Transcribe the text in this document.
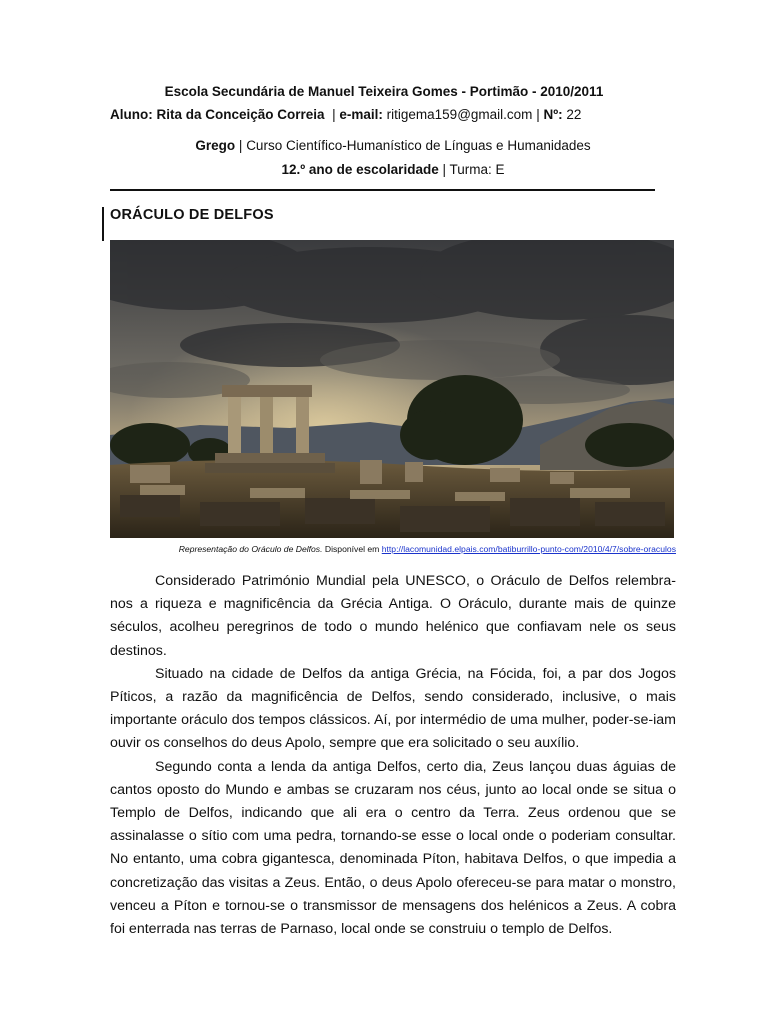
Escola Secundária de Manuel Teixeira Gomes - Portimão - 2010/2011
Aluno: Rita da Conceição Correia | e-mail: ritigema159@gmail.com | Nº: 22
Grego | Curso Científico-Humanístico de Línguas e Humanidades
12.º ano de escolaridade | Turma: E
ORÁCULO DE DELFOS
Representação do Oráculo de Delfos. Disponível em http://lacomunidad.elpais.com/batiburrillo-punto-com/2010/4/7/sobre-oraculos

Considerado Património Mundial pela UNESCO, o Oráculo de Delfos relembra-nos a riqueza e magnificência da Grécia Antiga. O Oráculo, durante mais de quinze séculos, acolheu peregrinos de todo o mundo helénico que confiavam nele os seus destinos.

Situado na cidade de Delfos da antiga Grécia, na Fócida, foi, a par dos Jogos Píticos, a razão da magnificência de Delfos, sendo considerado, inclusive, o mais importante oráculo dos tempos clássicos. Aí, por intermédio de uma mulher, poder-se-iam ouvir os conselhos do deus Apolo, sempre que era solicitado o seu auxílio.

Segundo conta a lenda da antiga Delfos, certo dia, Zeus lançou duas águias de cantos oposto do Mundo e ambas se cruzaram nos céus, junto ao local onde se situa o Templo de Delfos, indicando que ali era o centro da Terra. Zeus ordenou que se assinalasse o sítio com uma pedra, tornando-se esse o local onde o poderiam consultar. No entanto, uma cobra gigantesca, denominada Píton, habitava Delfos, o que impedia a concretização das visitas a Zeus. Então, o deus Apolo ofereceu-se para matar o monstro, venceu a Píton e tornou-se o transmissor de mensagens dos helénicos a Zeus. A cobra foi enterrada nas terras de Parnaso, local onde se construiu o templo de Delfos.
